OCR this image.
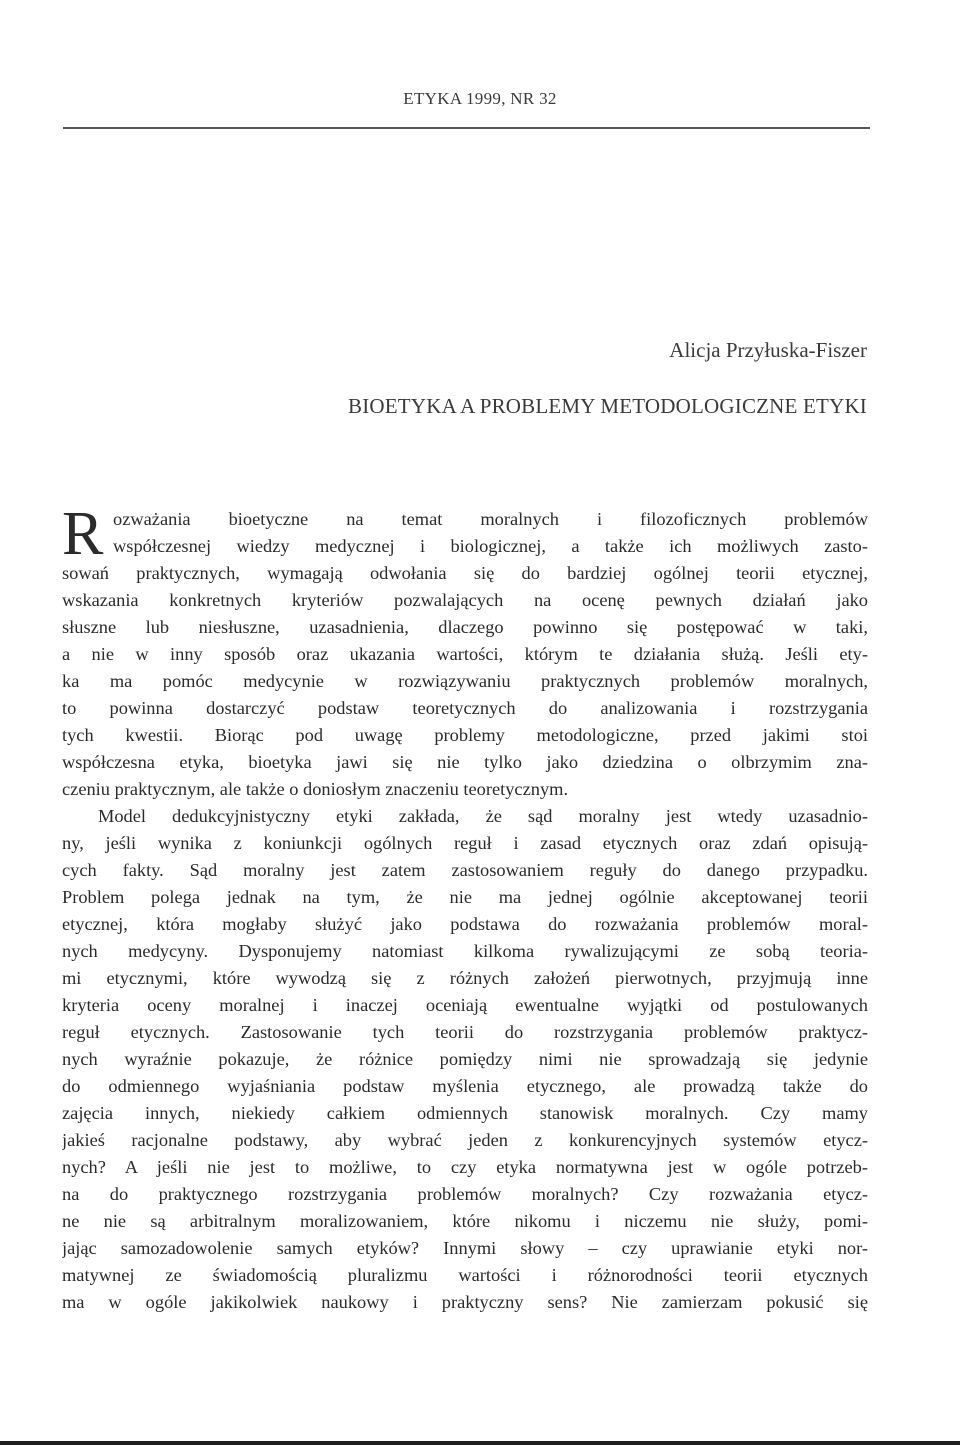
ETYKA 1999, NR 32
Alicja Przyłuska-Fiszer
BIOETYKA A PROBLEMY METODOLOGICZNE ETYKI
R ozważania bioetyczne na temat moralnych i filozoficznych problemów
współczesnej wiedzy medycznej i biologicznej, a także ich możliwych zasto-
sowań praktycznych, wymagają odwołania się do bardziej ogólnej teorii etycznej,
wskazania konkretnych kryteriów pozwalających na ocenę pewnych działań jako
słuszne lub niesłuszne, uzasadnienia, dlaczego powinno się postępować w taki,
a nie w inny sposób oraz ukazania wartości, którym te działania służą. Jeśli ety-
ka ma pomóc medycynie w rozwiązywaniu praktycznych problemów moralnych,
to powinna dostarczyć podstaw teoretycznych do analizowania i rozstrzygania
tych kwestii. Biorąc pod uwagę problemy metodologiczne, przed jakimi stoi
współczesna etyka, bioetyka jawi się nie tylko jako dziedzina o olbrzymim zna-
czeniu praktycznym, ale także o doniosłym znaczeniu teoretycznym.
Model dedukcyjnistyczny etyki zakłada, że sąd moralny jest wtedy uzasadnio-
ny, jeśli wynika z koniunkcji ogólnych reguł i zasad etycznych oraz zdań opisują-
cych fakty. Sąd moralny jest zatem zastosowaniem reguły do danego przypadku.
Problem polega jednak na tym, że nie ma jednej ogólnie akceptowanej teorii
etycznej, która mogłaby służyć jako podstawa do rozważania problemów moral-
nych medycyny. Dysponujemy natomiast kilkoma rywalizującymi ze sobą teoria-
mi etycznymi, które wywodzą się z różnych założeń pierwotnych, przyjmują inne
kryteria oceny moralnej i inaczej oceniają ewentualne wyjątki od postulowanych
reguł etycznych. Zastosowanie tych teorii do rozstrzygania problemów praktycz-
nych wyraźnie pokazuje, że różnice pomiędzy nimi nie sprowadzają się jedynie
do odmiennego wyjaśniania podstaw myślenia etycznego, ale prowadzą także do
zajęcia innych, niekiedy całkiem odmiennych stanowisk moralnych. Czy mamy
jakieś racjonalne podstawy, aby wybrać jeden z konkurencyjnych systemów etycz-
nych? A jeśli nie jest to możliwe, to czy etyka normatywna jest w ogóle potrzeb-
na do praktycznego rozstrzygania problemów moralnych? Czy rozważania etycz-
ne nie są arbitralnym moralizowaniem, które nikomu i niczemu nie służy, pomi-
jając samozadowolenie samych etyków? Innymi słowy – czy uprawianie etyki nor-
matywnej ze świadomością pluralizmu wartości i różnorodności teorii etycznych
ma w ogóle jakikolwiek naukowy i praktyczny sens? Nie zamierzam pokusić się
